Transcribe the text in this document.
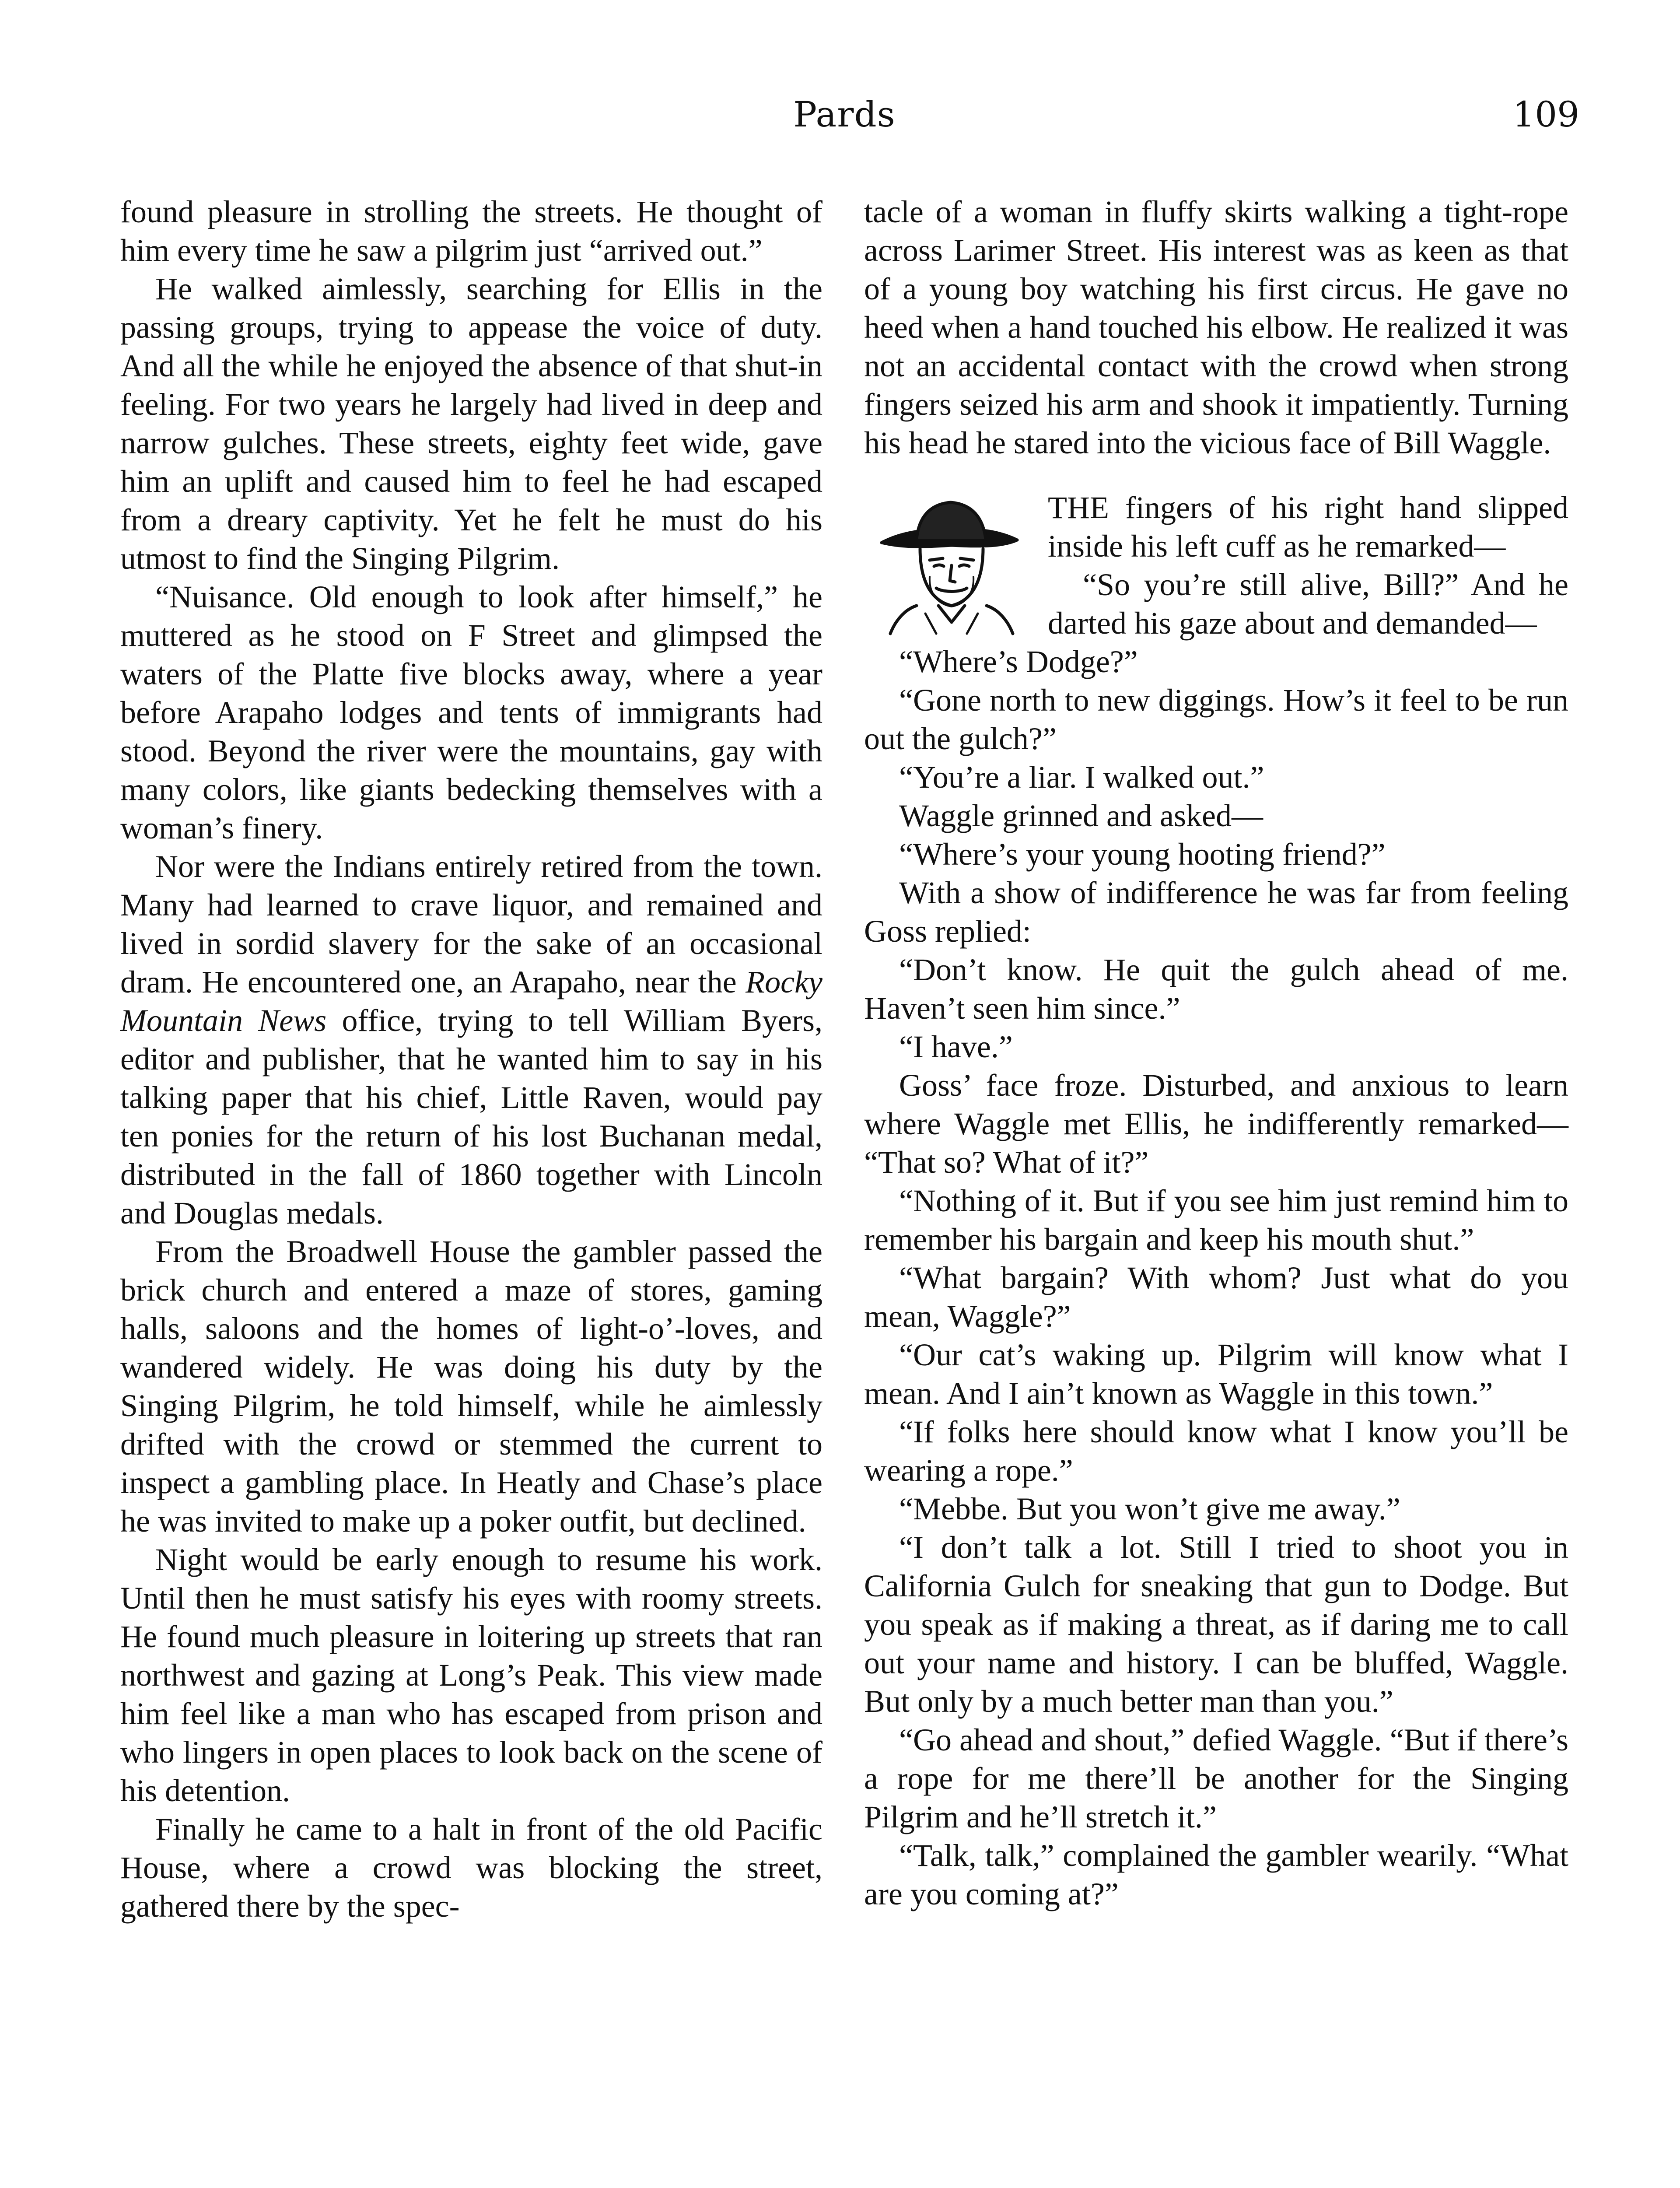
Pards	109

found pleasure in strolling the streets. He thought of him every time he saw a pilgrim just “arrived out.”

He walked aimlessly, searching for Ellis in the passing groups, trying to appease the voice of duty. And all the while he enjoyed the absence of that shut-in feeling. For two years he largely had lived in deep and narrow gulches. These streets, eighty feet wide, gave him an uplift and caused him to feel he had escaped from a dreary captivity. Yet he felt he must do his utmost to find the Singing Pilgrim.

“Nuisance. Old enough to look after himself,” he muttered as he stood on F Street and glimpsed the waters of the Platte five blocks away, where a year before Arapaho lodges and tents of immigrants had stood. Beyond the river were the mountains, gay with many colors, like giants bedecking themselves with a woman’s finery.

Nor were the Indians entirely retired from the town. Many had learned to crave liquor, and remained and lived in sordid slavery for the sake of an occasional dram. He encountered one, an Arapaho, near the Rocky Mountain News office, trying to tell William Byers, editor and publisher, that he wanted him to say in his talking paper that his chief, Little Raven, would pay ten ponies for the return of his lost Buchanan medal, distributed in the fall of 1860 together with Lincoln and Douglas medals.

From the Broadwell House the gambler passed the brick church and entered a maze of stores, gaming halls, saloons and the homes of light-o’-loves, and wandered widely. He was doing his duty by the Singing Pilgrim, he told himself, while he aimlessly drifted with the crowd or stemmed the current to inspect a gambling place. In Heatly and Chase’s place he was invited to make up a poker outfit, but declined.

Night would be early enough to resume his work. Until then he must satisfy his eyes with roomy streets. He found much pleasure in loitering up streets that ran northwest and gazing at Long’s Peak. This view made him feel like a man who has escaped from prison and who lingers in open places to look back on the scene of his detention.

Finally he came to a halt in front of the old Pacific House, where a crowd was blocking the street, gathered there by the spec-

tacle of a woman in fluffy skirts walking a tight-rope across Larimer Street. His interest was as keen as that of a young boy watching his first circus. He gave no heed when a hand touched his elbow. He realized it was not an accidental contact with the crowd when strong fingers seized his arm and shook it impatiently. Turning his head he stared into the vicious face of Bill Waggle.

THE fingers of his right hand slipped inside his left cuff as he remarked—

“So you’re still alive, Bill?” And he darted his gaze about and demanded—

“Where’s Dodge?”

“Gone north to new diggings. How’s it feel to be run out the gulch?”

“You’re a liar. I walked out.”

Waggle grinned and asked—

“Where’s your young hooting friend?”

With a show of indifference he was far from feeling Goss replied:

“Don’t know. He quit the gulch ahead of me. Haven’t seen him since.”

“I have.”

Goss’ face froze. Disturbed, and anxious to learn where Waggle met Ellis, he indifferently remarked— “That so? What of it?”

“Nothing of it. But if you see him just remind him to remember his bargain and keep his mouth shut.”

“What bargain? With whom? Just what do you mean, Waggle?”

“Our cat’s waking up. Pilgrim will know what I mean. And I ain’t known as Waggle in this town.”

“If folks here should know what I know you’ll be wearing a rope.”

“Mebbe. But you won’t give me away.”

“I don’t talk a lot. Still I tried to shoot you in California Gulch for sneaking that gun to Dodge. But you speak as if making a threat, as if daring me to call out your name and history. I can be bluffed, Waggle. But only by a much better man than you.”

“Go ahead and shout,” defied Waggle. “But if there’s a rope for me there’ll be another for the Singing Pilgrim and he’ll stretch it.”

“Talk, talk,” complained the gambler wearily. “What are you coming at?”
